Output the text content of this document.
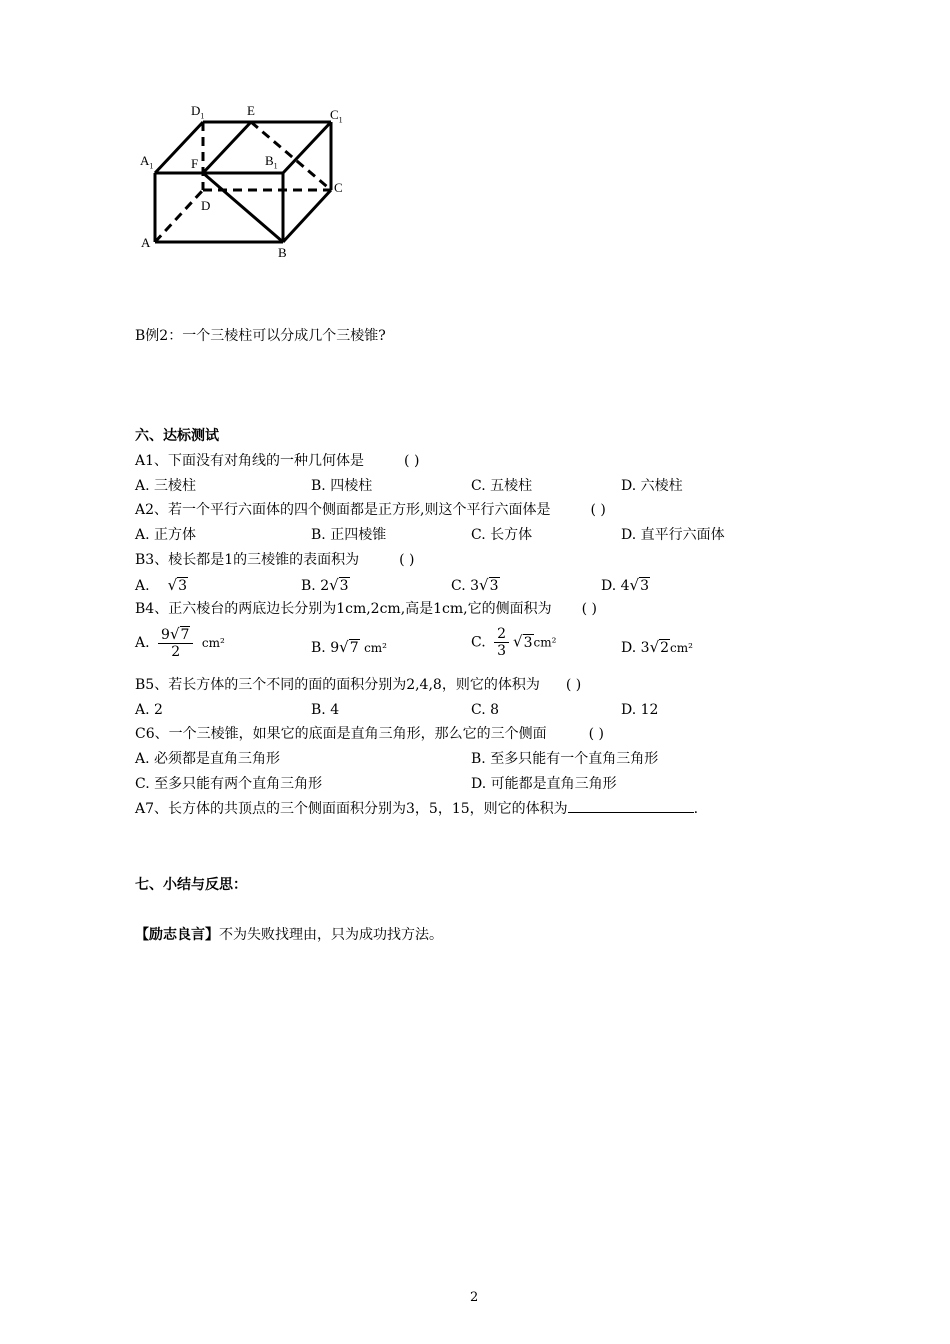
$D_1$	E	$C_1$
$A_1$	F	$B_1$
C
D
A
B
B例2：一个三棱柱可以分成几个三棱锥?
六、达标测试
A1、下面没有对角线的一种几何体是	( )
A. 三棱柱	B. 四棱柱	C. 五棱柱	D. 六棱柱
A2、若一个平行六面体的四个侧面都是正方形,则这个平行六面体是	( )
A. 正方体	B. 正四棱锥	C. 长方体	D. 直平行六面体
B3、棱长都是1的三棱锥的表面积为	( )
A. √3	B. 2√3	C. 3√3	D. 4√3
B4、正六棱台的两底边长分别为1cm,2cm,高是1cm,它的侧面积为 ( )
A. $\frac{9√7}{2} cm^2$	B. 9√7 cm²	C. $\frac{2}{3} √3cm^2$	D. 3√2cm²
B5、若长方体的三个不同的面的面积分别为2,4,8，则它的体积为 ( )
A. 2	B. 4	C. 8	D. 12
C6、一个三棱锥，如果它的底面是直角三角形，那么它的三个侧面	( )
A. 必须都是直角三角形	B. 至多只能有一个直角三角形
C. 至多只能有两个直角三角形	D. 可能都是直角三角形
A7、长方体的共顶点的三个侧面面积分别为3，5，15，则它的体积为	.
七、小结与反思：
【励志良言】不为失败找理由，只为成功找方法。
2
